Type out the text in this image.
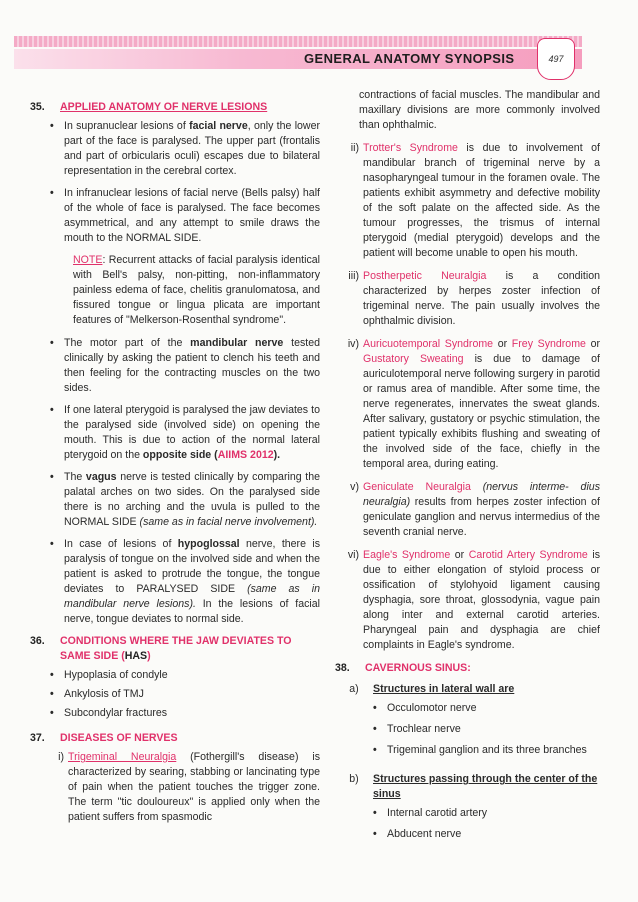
GENERAL ANATOMY SYNOPSIS	497
35.	APPLIED ANATOMY OF NERVE LESIONS
• In supranuclear lesions of facial nerve, only the lower part of the face is paralysed. The upper part (frontalis and part of orbicularis oculi) escapes due to bilateral representation in the cerebral cortex.
• In infranuclear lesions of facial nerve (Bells palsy) half of the whole of face is paralysed. The face becomes asymmetrical, and any attempt to smile draws the mouth to the NORMAL SIDE.
NOTE: Recurrent attacks of facial paralysis identical with Bell's palsy, non-pitting, non-inflammatory painless edema of face, chelitis granulomatosa, and fissured tongue or lingua plicata are important features of "Melkerson-Rosenthal syndrome".
• The motor part of the mandibular nerve tested clinically by asking the patient to clench his teeth and then feeling for the contracting muscles on the two sides.
• If one lateral pterygoid is paralysed the jaw deviates to the paralysed side (involved side) on opening the mouth. This is due to action of the normal lateral pterygoid on the opposite side (AIIMS 2012).
• The vagus nerve is tested clinically by comparing the palatal arches on two sides. On the paralysed side there is no arching and the uvula is pulled to the NORMAL SIDE (same as in facial nerve involvement).
• In case of lesions of hypoglossal nerve, there is paralysis of tongue on the involved side and when the patient is asked to protrude the tongue, the tongue deviates to PARALYSED SIDE (same as in mandibular nerve lesions). In the lesions of facial nerve, tongue deviates to normal side.
36.	CONDITIONS WHERE THE JAW DEVIATES TO SAME SIDE (HAS)
• Hypoplasia of condyle
• Ankylosis of TMJ
• Subcondylar fractures
37.	DISEASES OF NERVES
i) Trigeminal Neuralgia (Fothergill's disease) is characterized by searing, stabbing or lancinating type of pain when the patient touches the trigger zone. The term "tic douloureux" is applied only when the patient suffers from spasmodic
contractions of facial muscles. The mandibular and maxillary divisions are more commonly involved than ophthalmic.
ii) Trotter's Syndrome is due to involvement of mandibular branch of trigeminal nerve by a nasopharyngeal tumour in the foramen ovale. The patients exhibit asymmetry and defective mobility of the soft palate on the affected side. As the tumour progresses, the trismus of internal pterygoid (medial pterygoid) develops and the patient will become unable to open his mouth.
iii) Postherpetic Neuralgia is a condition characterized by herpes zoster infection of trigeminal nerve. The pain usually involves the ophthalmic division.
iv) Auricuotemporal Syndrome or Frey Syndrome or Gustatory Sweating is due to damage of auriculotemporal nerve following surgery in parotid or ramus area of mandible. After some time, the nerve regenerates, innervates the sweat glands. After salivary, gustatory or psychic stimulation, the patient typically exhibits flushing and sweating of the involved side of the face, chiefly in the temporal area, during eating.
v) Geniculate Neuralgia (nervus interme- dius neuralgia) results from herpes zoster infection of geniculate ganglion and nervus intermedius of the seventh cranial nerve.
vi) Eagle's Syndrome or Carotid Artery Syndrome is due to either elongation of styloid process or ossification of stylohyoid ligament causing dysphagia, sore throat, glossodynia, vague pain along inter and external carotid arteries. Pharyngeal pain and dysphagia are chief complaints in Eagle's syndrome.
38.	CAVERNOUS SINUS:
a)	Structures in lateral wall are
• Occulomotor nerve
• Trochlear nerve
• Trigeminal ganglion and its three branches
b)	Structures passing through the center of the sinus
• Internal carotid artery
• Abducent nerve
